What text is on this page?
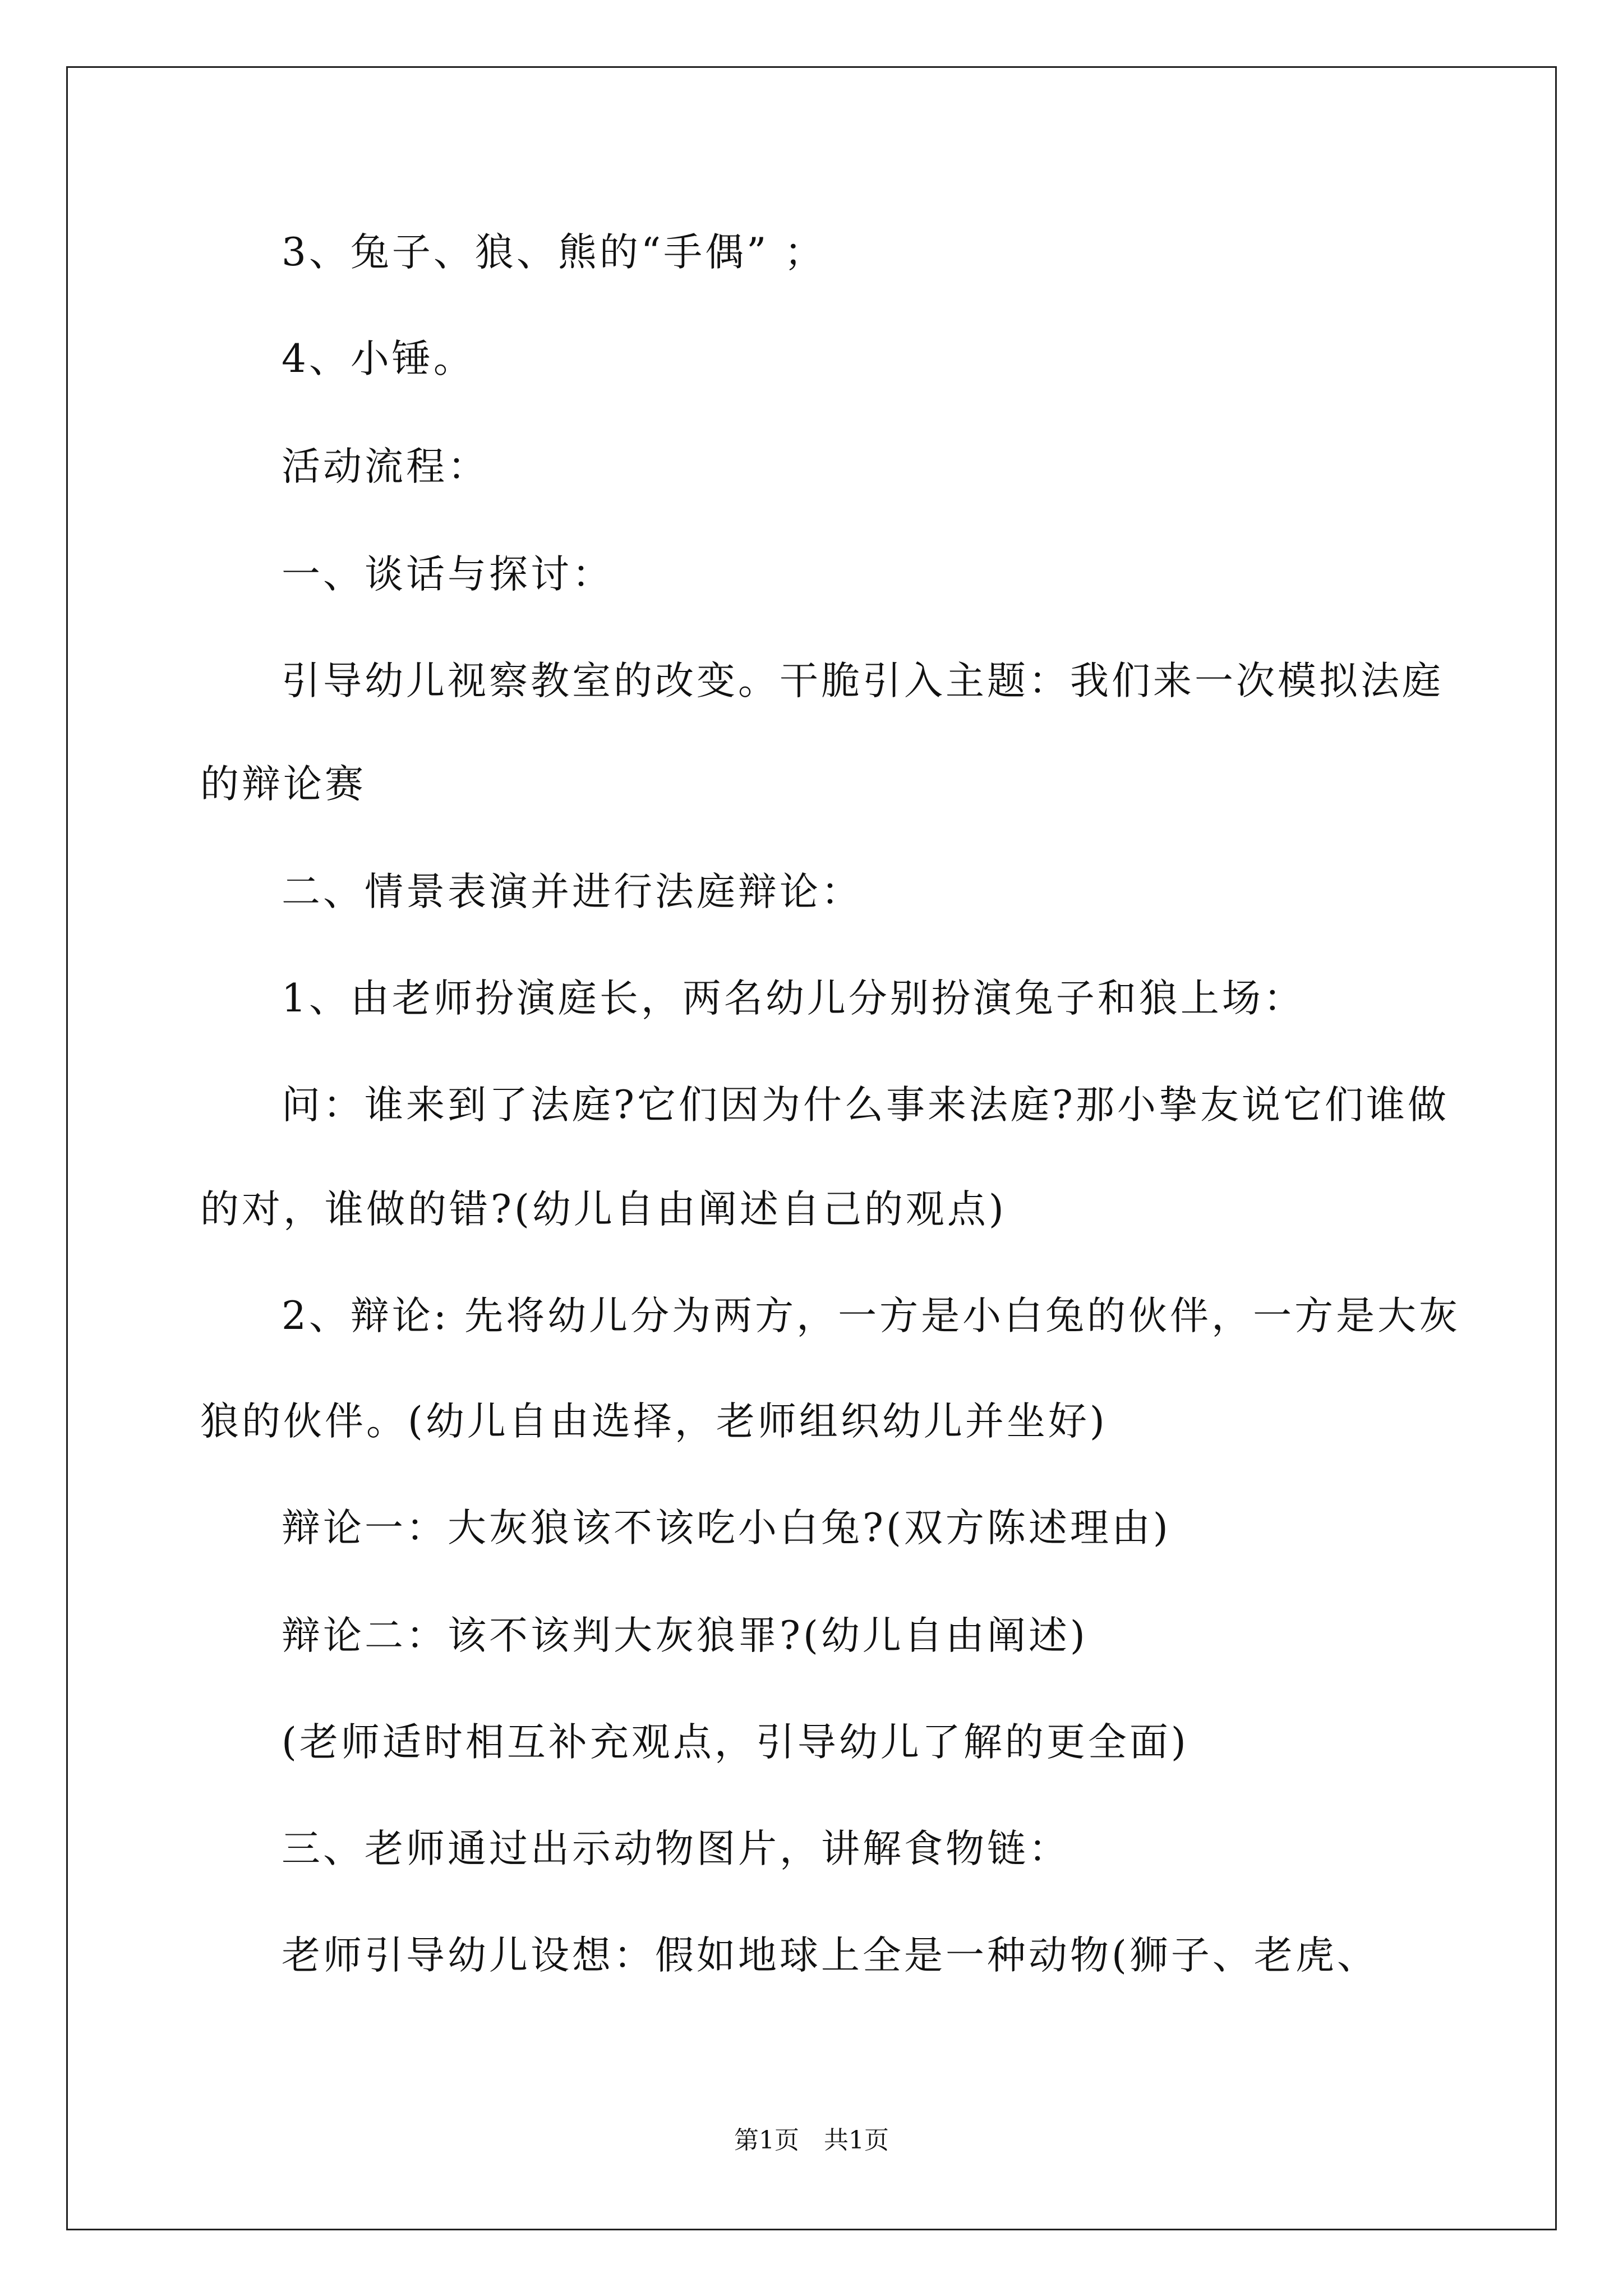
3、兔子、狼、熊的“手偶” ；
4、小锤。
活动流程：
一、谈话与探讨：
引导幼儿视察教室的改变。干脆引入主题：我们来一次模拟法庭
的辩论赛
二、情景表演并进行法庭辩论：
1、由老师扮演庭长，两名幼儿分别扮演兔子和狼上场：
问：谁来到了法庭?它们因为什么事来法庭?那小挚友说它们谁做
的对，谁做的错?(幼儿自由阐述自己的观点)
2、辩论: 先将幼儿分为两方，一方是小白兔的伙伴，一方是大灰
狼的伙伴。(幼儿自由选择，老师组织幼儿并坐好)
辩论一：大灰狼该不该吃小白兔?(双方陈述理由)
辩论二：该不该判大灰狼罪?(幼儿自由阐述)
(老师适时相互补充观点，引导幼儿了解的更全面)
三、老师通过出示动物图片，讲解食物链：
老师引导幼儿设想：假如地球上全是一种动物(狮子、老虎、
第1页 共1页
